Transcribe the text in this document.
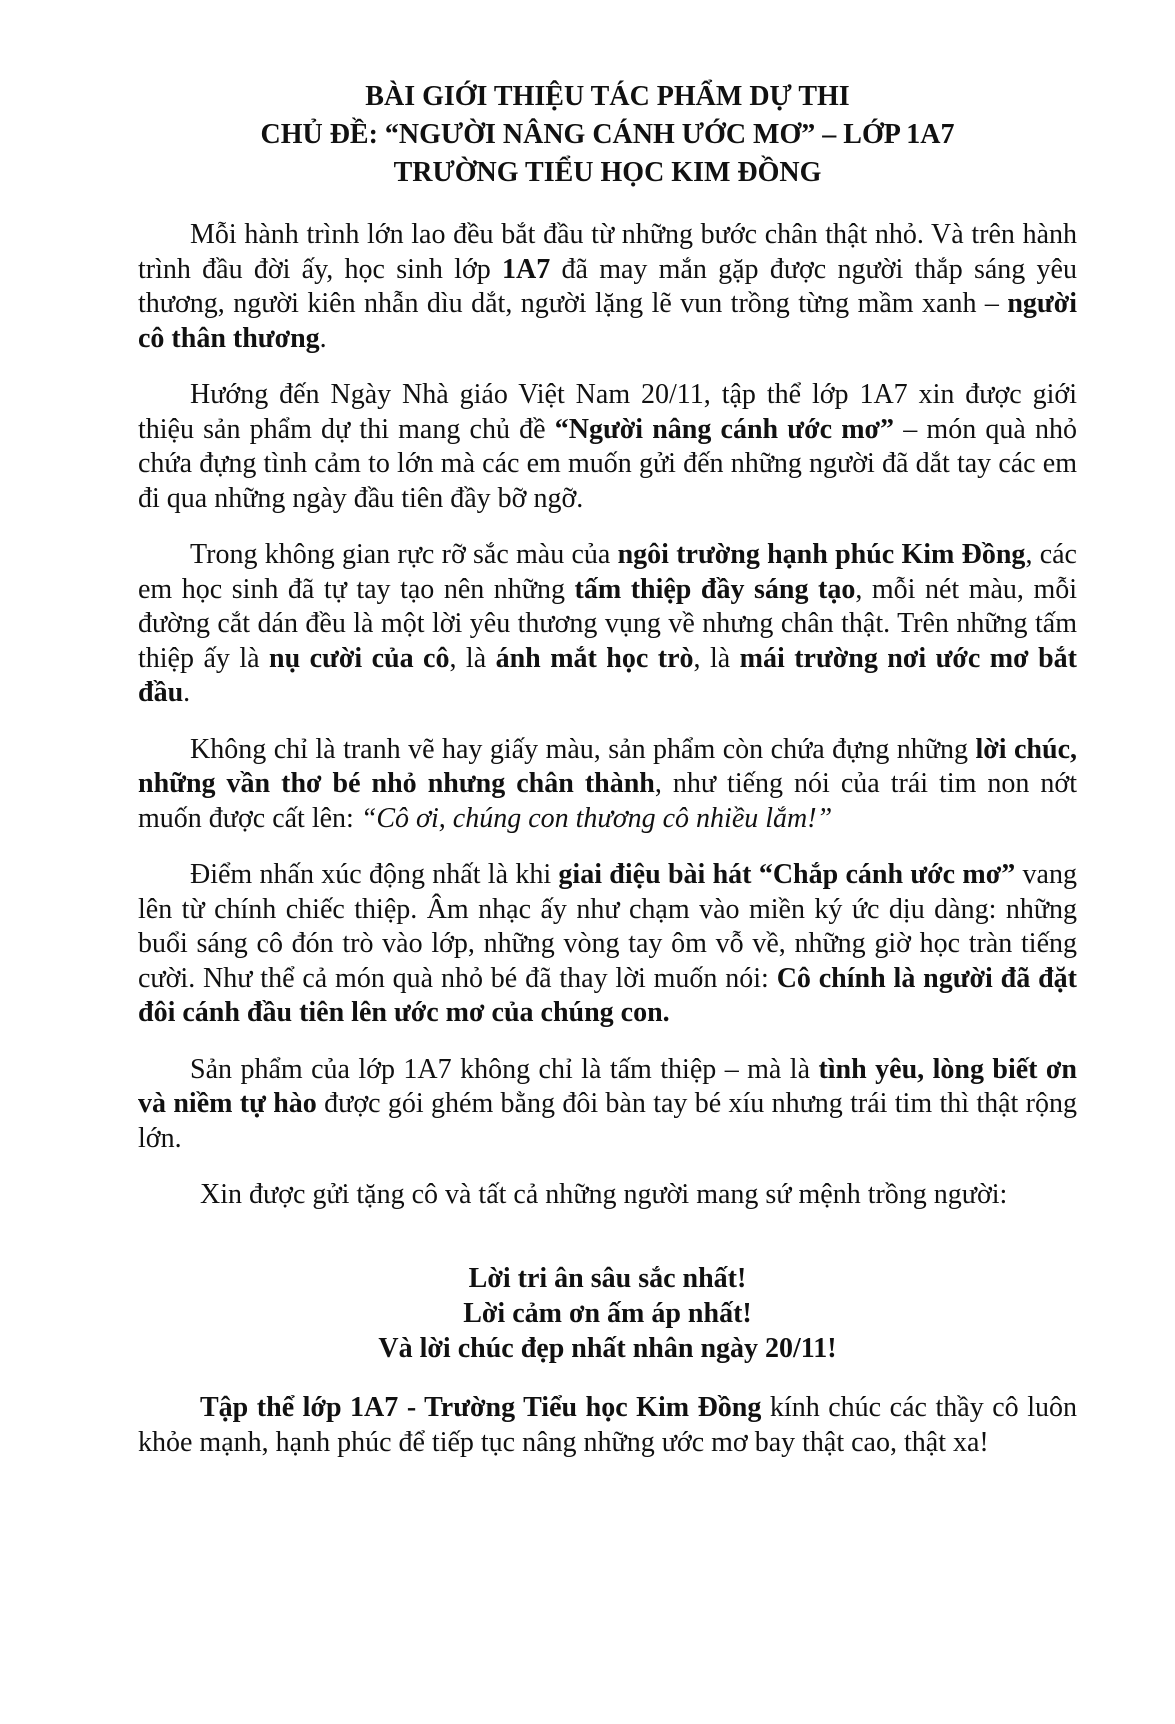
BÀI GIỚI THIỆU TÁC PHẨM DỰ THI
CHỦ ĐỀ: “NGƯỜI NÂNG CÁNH ƯỚC MƠ” – LỚP 1A7
TRƯỜNG TIỂU HỌC KIM ĐỒNG

Mỗi hành trình lớn lao đều bắt đầu từ những bước chân thật nhỏ. Và trên hành trình đầu đời ấy, học sinh lớp 1A7 đã may mắn gặp được người thắp sáng yêu thương, người kiên nhẫn dìu dắt, người lặng lẽ vun trồng từng mầm xanh – người cô thân thương.

Hướng đến Ngày Nhà giáo Việt Nam 20/11, tập thể lớp 1A7 xin được giới thiệu sản phẩm dự thi mang chủ đề “Người nâng cánh ước mơ” – món quà nhỏ chứa đựng tình cảm to lớn mà các em muốn gửi đến những người đã dắt tay các em đi qua những ngày đầu tiên đầy bỡ ngỡ.

Trong không gian rực rỡ sắc màu của ngôi trường hạnh phúc Kim Đồng, các em học sinh đã tự tay tạo nên những tấm thiệp đầy sáng tạo, mỗi nét màu, mỗi đường cắt dán đều là một lời yêu thương vụng về nhưng chân thật. Trên những tấm thiệp ấy là nụ cười của cô, là ánh mắt học trò, là mái trường nơi ước mơ bắt đầu.

Không chỉ là tranh vẽ hay giấy màu, sản phẩm còn chứa đựng những lời chúc, những vần thơ bé nhỏ nhưng chân thành, như tiếng nói của trái tim non nớt muốn được cất lên: “Cô ơi, chúng con thương cô nhiều lắm!”

Điểm nhấn xúc động nhất là khi giai điệu bài hát “Chắp cánh ước mơ” vang lên từ chính chiếc thiệp. Âm nhạc ấy như chạm vào miền ký ức dịu dàng: những buổi sáng cô đón trò vào lớp, những vòng tay ôm vỗ về, những giờ học tràn tiếng cười. Như thể cả món quà nhỏ bé đã thay lời muốn nói: Cô chính là người đã đặt đôi cánh đầu tiên lên ước mơ của chúng con.

Sản phẩm của lớp 1A7 không chỉ là tấm thiệp – mà là tình yêu, lòng biết ơn và niềm tự hào được gói ghém bằng đôi bàn tay bé xíu nhưng trái tim thì thật rộng lớn.

Xin được gửi tặng cô và tất cả những người mang sứ mệnh trồng người:

Lời tri ân sâu sắc nhất!
Lời cảm ơn ấm áp nhất!
Và lời chúc đẹp nhất nhân ngày 20/11!

Tập thể lớp 1A7 - Trường Tiểu học Kim Đồng kính chúc các thầy cô luôn khỏe mạnh, hạnh phúc để tiếp tục nâng những ước mơ bay thật cao, thật xa!
